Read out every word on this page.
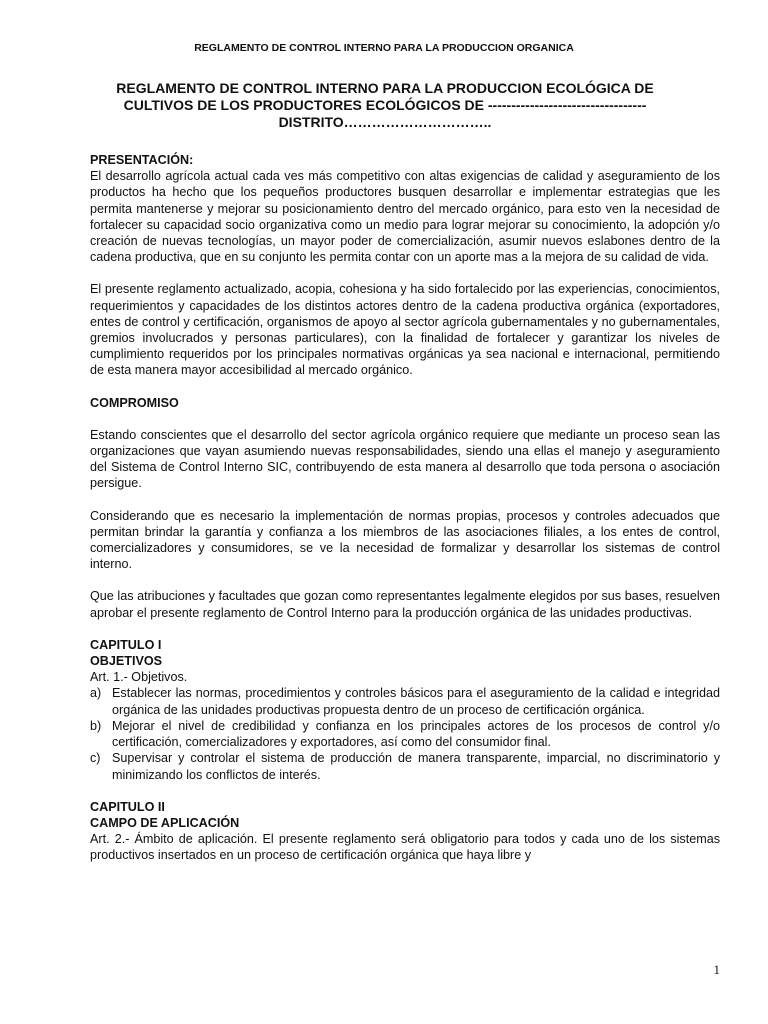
REGLAMENTO DE CONTROL INTERNO PARA LA PRODUCCION ORGANICA
REGLAMENTO DE CONTROL INTERNO PARA LA PRODUCCION ECOLÓGICA DE
CULTIVOS DE LOS PRODUCTORES ECOLÓGICOS DE ----------------------------------
DISTRITO…………………………..
PRESENTACIÓN:

El desarrollo agrícola actual cada ves más competitivo con altas exigencias de calidad y aseguramiento de los productos ha hecho que los pequeños productores busquen desarrollar e implementar estrategias que les permita mantenerse y mejorar su posicionamiento dentro del mercado orgánico, para esto ven la necesidad de fortalecer su capacidad socio organizativa como un medio para lograr mejorar su conocimiento, la adopción y/o creación de nuevas tecnologías, un mayor poder de comercialización, asumir nuevos eslabones dentro de la cadena productiva, que en su conjunto les permita contar con un aporte mas a la mejora de su calidad de vida.

El presente reglamento actualizado, acopia, cohesiona y ha sido fortalecido por las experiencias, conocimientos, requerimientos y capacidades de los distintos actores dentro de la cadena productiva orgánica (exportadores, entes de control y certificación, organismos de apoyo al sector agrícola gubernamentales y no gubernamentales, gremios involucrados y personas particulares), con la finalidad de fortalecer y garantizar los niveles de cumplimiento requeridos por los principales normativas orgánicas ya sea nacional e internacional, permitiendo de esta manera mayor accesibilidad al mercado orgánico.

COMPROMISO

Estando conscientes que el desarrollo del sector agrícola orgánico requiere que mediante un proceso sean las organizaciones que vayan asumiendo nuevas responsabilidades, siendo una ellas el manejo y aseguramiento del Sistema de Control Interno SIC, contribuyendo de esta manera al desarrollo que toda persona o asociación persigue.

Considerando que es necesario la implementación de normas propias, procesos y controles adecuados que permitan brindar la garantía y confianza a los miembros de las asociaciones filiales, a los entes de control, comercializadores y consumidores, se ve la necesidad de formalizar y desarrollar los sistemas de control interno.

Que las atribuciones y facultades que gozan como representantes legalmente elegidos por sus bases, resuelven aprobar el presente reglamento de Control Interno para la producción orgánica de las unidades productivas.

CAPITULO I
OBJETIVOS

Art. 1.- Objetivos.

a) Establecer las normas, procedimientos y controles básicos para el aseguramiento de la calidad e integridad orgánica de las unidades productivas propuesta dentro de un proceso de certificación orgánica.
b) Mejorar el nivel de credibilidad y confianza en los principales actores de los procesos de control y/o certificación, comercializadores y exportadores, así como del consumidor final.
c) Supervisar y controlar el sistema de producción de manera transparente, imparcial, no discriminatorio y minimizando los conflictos de interés.
CAPITULO II
CAMPO DE APLICACIÓN

Art. 2.- Ámbito de aplicación. El presente reglamento será obligatorio para todos y cada uno de los sistemas productivos insertados en un proceso de certificación orgánica que haya libre y

1
